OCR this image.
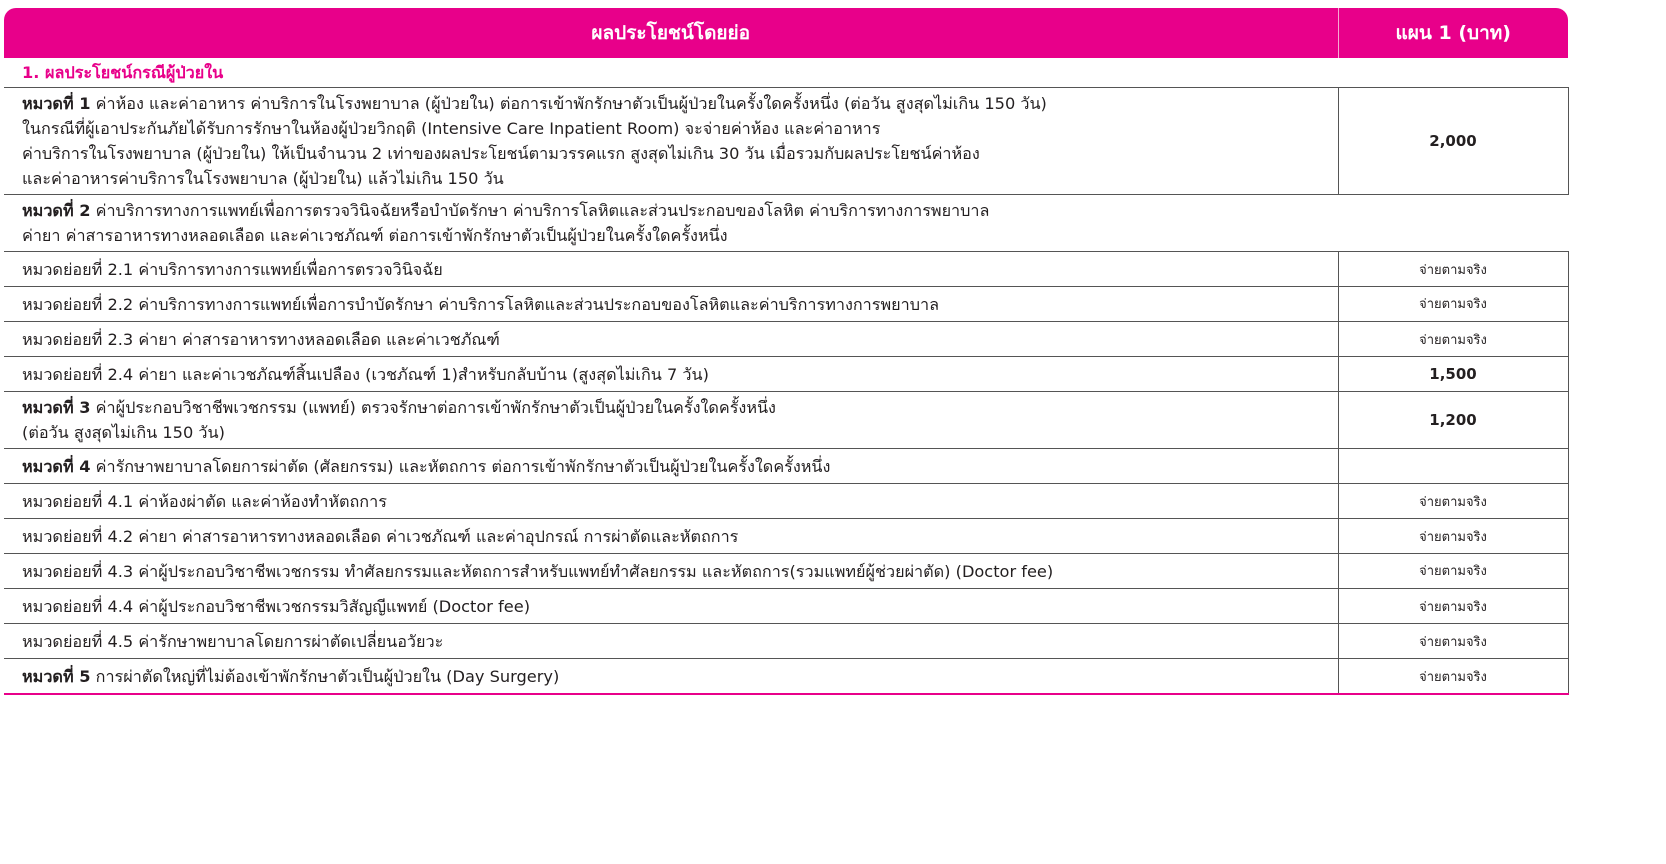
ผลประโยชน์โดยย่อ	แผน 1 (บาท)
1. ผลประโยชน์กรณีผู้ป่วยใน	
หมวดที่ 1 ค่าห้อง และค่าอาหาร ค่าบริการในโรงพยาบาล (ผู้ป่วยใน) ต่อการเข้าพักรักษาตัวเป็นผู้ป่วยในครั้งใดครั้งหนึ่ง (ต่อวัน สูงสุดไม่เกิน 150 วัน)
ในกรณีที่ผู้เอาประกันภัยได้รับการรักษาในห้องผู้ป่วยวิกฤติ (Intensive Care Inpatient Room) จะจ่ายค่าห้อง และค่าอาหาร
ค่าบริการในโรงพยาบาล (ผู้ป่วยใน) ให้เป็นจำนวน 2 เท่าของผลประโยชน์ตามวรรคแรก สูงสุดไม่เกิน 30 วัน เมื่อรวมกับผลประโยชน์ค่าห้อง
และค่าอาหารค่าบริการในโรงพยาบาล (ผู้ป่วยใน) แล้วไม่เกิน 150 วัน	2,000
หมวดที่ 2 ค่าบริการทางการแพทย์เพื่อการตรวจวินิจฉัยหรือบำบัดรักษา ค่าบริการโลหิตและส่วนประกอบของโลหิต ค่าบริการทางการพยาบาล
ค่ายา ค่าสารอาหารทางหลอดเลือด และค่าเวชภัณฑ์ ต่อการเข้าพักรักษาตัวเป็นผู้ป่วยในครั้งใดครั้งหนึ่ง	
หมวดย่อยที่ 2.1 ค่าบริการทางการแพทย์เพื่อการตรวจวินิจฉัย	จ่ายตามจริง
หมวดย่อยที่ 2.2 ค่าบริการทางการแพทย์เพื่อการบำบัดรักษา ค่าบริการโลหิตและส่วนประกอบของโลหิตและค่าบริการทางการพยาบาล	จ่ายตามจริง
หมวดย่อยที่ 2.3 ค่ายา ค่าสารอาหารทางหลอดเลือด และค่าเวชภัณฑ์	จ่ายตามจริง
หมวดย่อยที่ 2.4 ค่ายา และค่าเวชภัณฑ์สิ้นเปลือง (เวชภัณฑ์ 1)สำหรับกลับบ้าน (สูงสุดไม่เกิน 7 วัน)	1,500
หมวดที่ 3 ค่าผู้ประกอบวิชาชีพเวชกรรม (แพทย์) ตรวจรักษาต่อการเข้าพักรักษาตัวเป็นผู้ป่วยในครั้งใดครั้งหนึ่ง
(ต่อวัน สูงสุดไม่เกิน 150 วัน)	1,200
หมวดที่ 4 ค่ารักษาพยาบาลโดยการผ่าตัด (ศัลยกรรม) และหัตถการ ต่อการเข้าพักรักษาตัวเป็นผู้ป่วยในครั้งใดครั้งหนึ่ง	
หมวดย่อยที่ 4.1 ค่าห้องผ่าตัด และค่าห้องทำหัตถการ	จ่ายตามจริง
หมวดย่อยที่ 4.2 ค่ายา ค่าสารอาหารทางหลอดเลือด ค่าเวชภัณฑ์ และค่าอุปกรณ์ การผ่าตัดและหัตถการ	จ่ายตามจริง
หมวดย่อยที่ 4.3 ค่าผู้ประกอบวิชาชีพเวชกรรม ทำศัลยกรรมและหัตถการสำหรับแพทย์ทำศัลยกรรม และหัตถการ(รวมแพทย์ผู้ช่วยผ่าตัด) (Doctor fee)	จ่ายตามจริง
หมวดย่อยที่ 4.4 ค่าผู้ประกอบวิชาชีพเวชกรรมวิสัญญีแพทย์ (Doctor fee)	จ่ายตามจริง
หมวดย่อยที่ 4.5 ค่ารักษาพยาบาลโดยการผ่าตัดเปลี่ยนอวัยวะ	จ่ายตามจริง
หมวดที่ 5 การผ่าตัดใหญ่ที่ไม่ต้องเข้าพักรักษาตัวเป็นผู้ป่วยใน (Day Surgery)	จ่ายตามจริง
